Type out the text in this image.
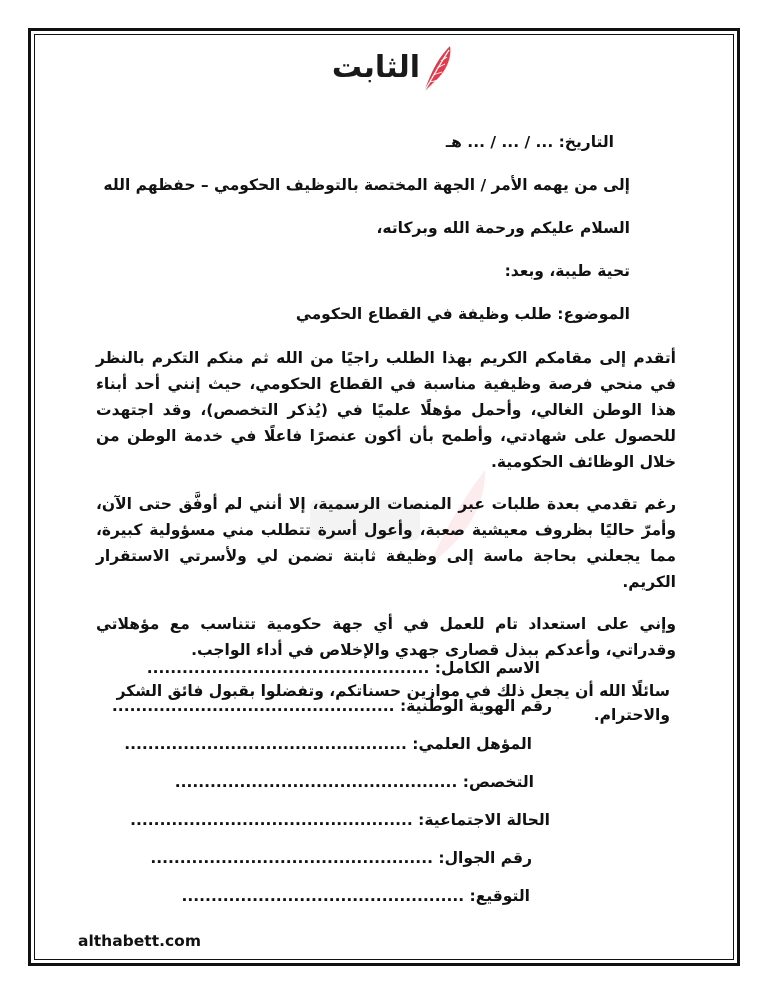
الثابت
التاريخ: ... / ... / ... هـ
إلى من يهمه الأمر / الجهة المختصة بالتوظيف الحكومي – حفظهم الله
السلام عليكم ورحمة الله وبركاته،
تحية طيبة، وبعد:
الموضوع: طلب وظيفة في القطاع الحكومي

أتقدم إلى مقامكم الكريم بهذا الطلب راجيًا من الله ثم منكم التكرم بالنظر في منحي فرصة وظيفية مناسبة في القطاع الحكومي، حيث إنني أحد أبناء هذا الوطن الغالي، وأحمل مؤهلًا علميًا في (يُذكر التخصص)، وقد اجتهدت للحصول على شهادتي، وأطمح بأن أكون عنصرًا فاعلًا في خدمة الوطن من خلال الوظائف الحكومية.

رغم تقدمي بعدة طلبات عبر المنصات الرسمية، إلا أنني لم أوفَّق حتى الآن، وأمرّ حاليًا بظروف معيشية صعبة، وأعول أسرة تتطلب مني مسؤولية كبيرة، مما يجعلني بحاجة ماسة إلى وظيفة ثابتة تضمن لي ولأسرتي الاستقرار الكريم.

وإني على استعداد تام للعمل في أي جهة حكومية تتناسب مع مؤهلاتي وقدراتي، وأعدكم ببذل قصارى جهدي والإخلاص في أداء الواجب.

سائلًا الله أن يجعل ذلك في موازين حسناتكم، وتفضلوا بقبول فائق الشكر والاحترام.
الاسم الكامل: ................................................
رقم الهوية الوطنية: ................................................
المؤهل العلمي: ................................................
التخصص: ................................................
الحالة الاجتماعية: ................................................
رقم الجوال: ................................................
التوقيع: ................................................
althabett.com
